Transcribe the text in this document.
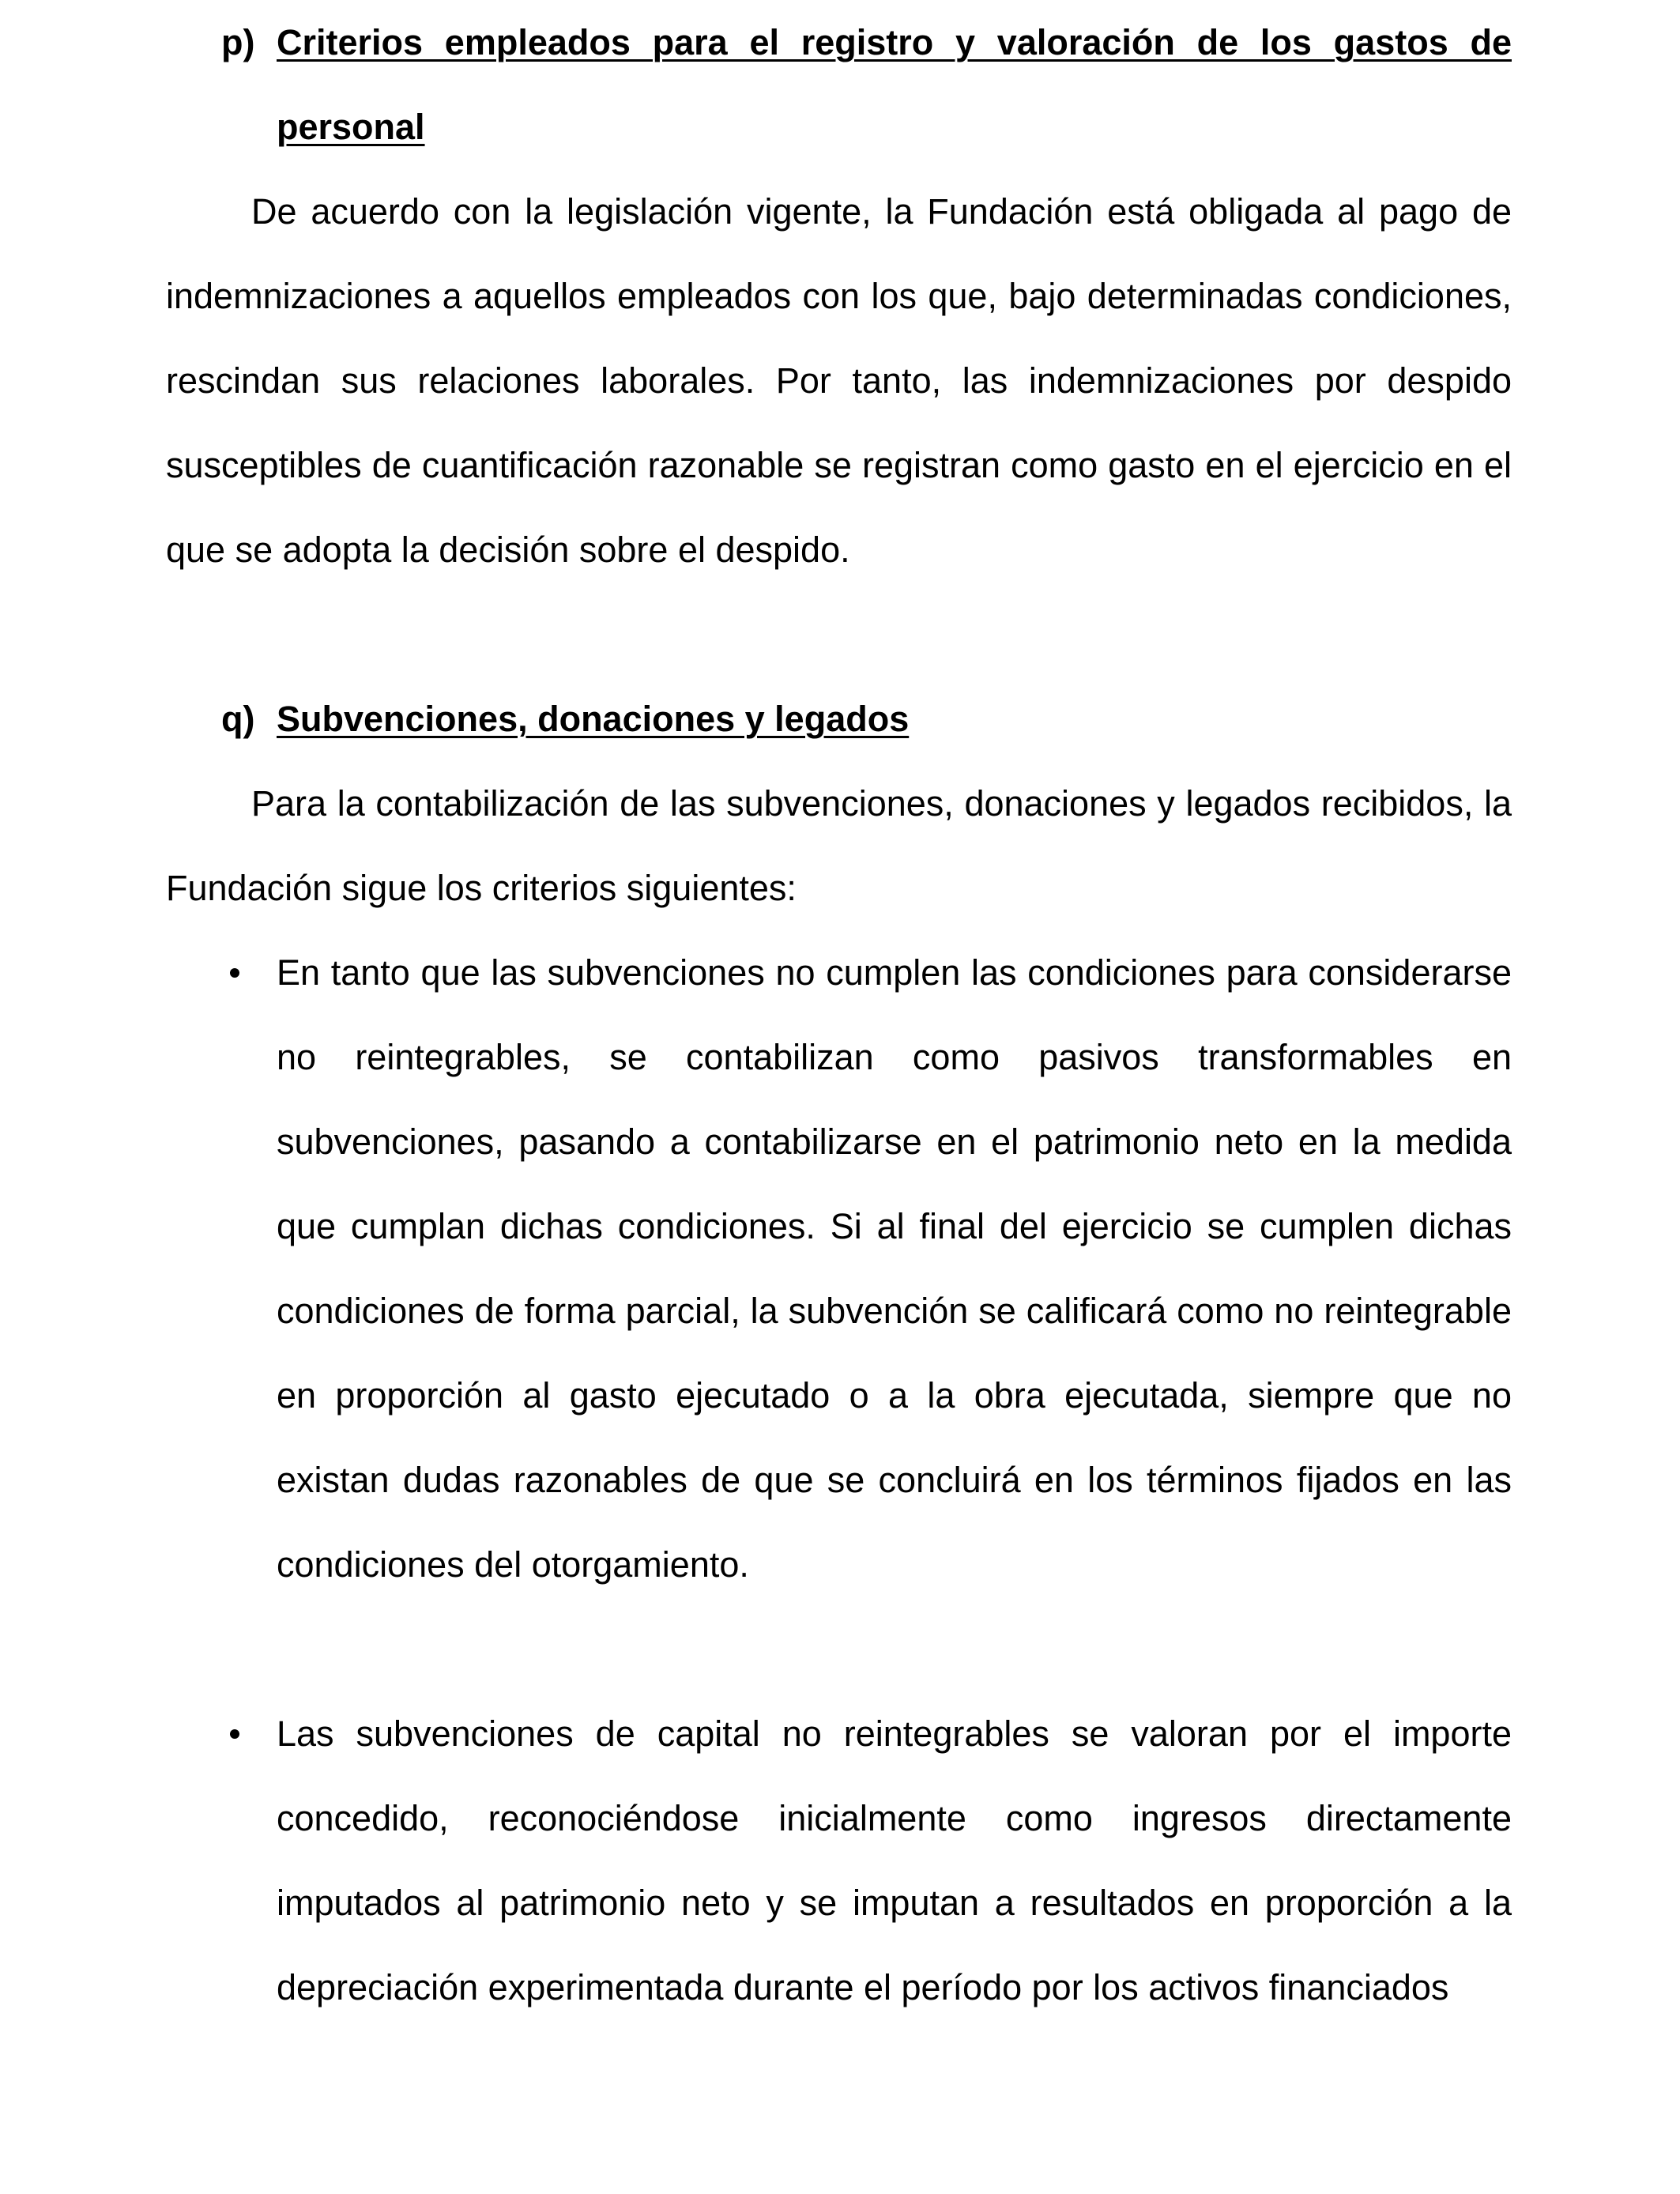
p) Criterios empleados para el registro y valoración de los gastos de personal

De acuerdo con la legislación vigente, la Fundación está obligada al pago de indemnizaciones a aquellos empleados con los que, bajo determinadas condiciones, rescindan sus relaciones laborales. Por tanto, las indemnizaciones por despido susceptibles de cuantificación razonable se registran como gasto en el ejercicio en el que se adopta la decisión sobre el despido.

q) Subvenciones, donaciones y legados

Para la contabilización de las subvenciones, donaciones y legados recibidos, la Fundación sigue los criterios siguientes:

En tanto que las subvenciones no cumplen las condiciones para considerarse no reintegrables, se contabilizan como pasivos transformables en subvenciones, pasando a contabilizarse en el patrimonio neto en la medida que cumplan dichas condiciones. Si al final del ejercicio se cumplen dichas condiciones de forma parcial, la subvención se calificará como no reintegrable en proporción al gasto ejecutado o a la obra ejecutada, siempre que no existan dudas razonables de que se concluirá en los términos fijados en las condiciones del otorgamiento.
Las subvenciones de capital no reintegrables se valoran por el importe concedido, reconociéndose inicialmente como ingresos directamente imputados al patrimonio neto y se imputan a resultados en proporción a la depreciación experimentada durante el período por los activos financiados
